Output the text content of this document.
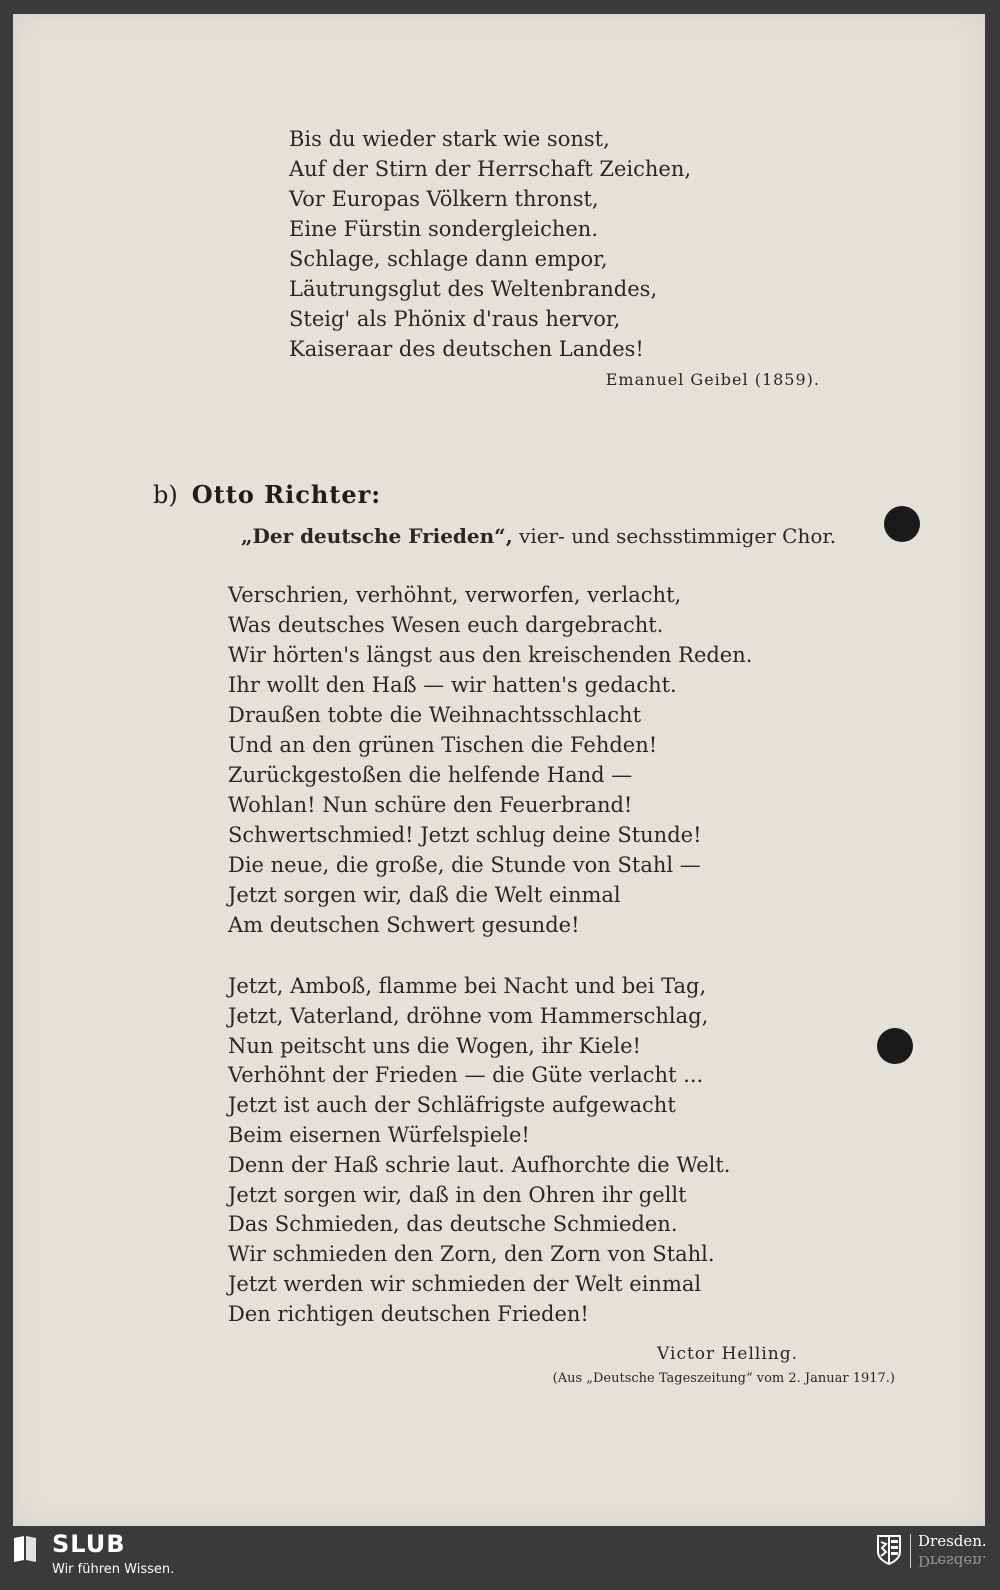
Bis du wieder stark wie sonst,
Auf der Stirn der Herrschaft Zeichen,
Vor Europas Völkern thronst,
Eine Fürstin sondergleichen.
Schlage, schlage dann empor,
Läutrungsglut des Weltenbrandes,
Steig' als Phönix d'raus hervor,
Kaiseraar des deutschen Landes!
Emanuel Geibel (1859).
b) Otto Richter:
„Der deutsche Frieden“, vier- und sechsstimmiger Chor.
Verschrien, verhöhnt, verworfen, verlacht,
Was deutsches Wesen euch dargebracht.
Wir hörten's längst aus den kreischenden Reden.
Ihr wollt den Haß — wir hatten's gedacht.
Draußen tobte die Weihnachtsschlacht
Und an den grünen Tischen die Fehden!
Zurückgestoßen die helfende Hand —
Wohlan! Nun schüre den Feuerbrand!
Schwertschmied! Jetzt schlug deine Stunde!
Die neue, die große, die Stunde von Stahl —
Jetzt sorgen wir, daß die Welt einmal
Am deutschen Schwert gesunde!
Jetzt, Amboß, flamme bei Nacht und bei Tag,
Jetzt, Vaterland, dröhne vom Hammerschlag,
Nun peitscht uns die Wogen, ihr Kiele!
Verhöhnt der Frieden — die Güte verlacht ...
Jetzt ist auch der Schläfrigste aufgewacht
Beim eisernen Würfelspiele!
Denn der Haß schrie laut. Aufhorchte die Welt.
Jetzt sorgen wir, daß in den Ohren ihr gellt
Das Schmieden, das deutsche Schmieden.
Wir schmieden den Zorn, den Zorn von Stahl.
Jetzt werden wir schmieden der Welt einmal
Den richtigen deutschen Frieden!
Victor Helling.
(Aus „Deutsche Tageszeitung“ vom 2. Januar 1917.)
SLUB
Wir führen Wissen.
Dresden.
Dresden.
